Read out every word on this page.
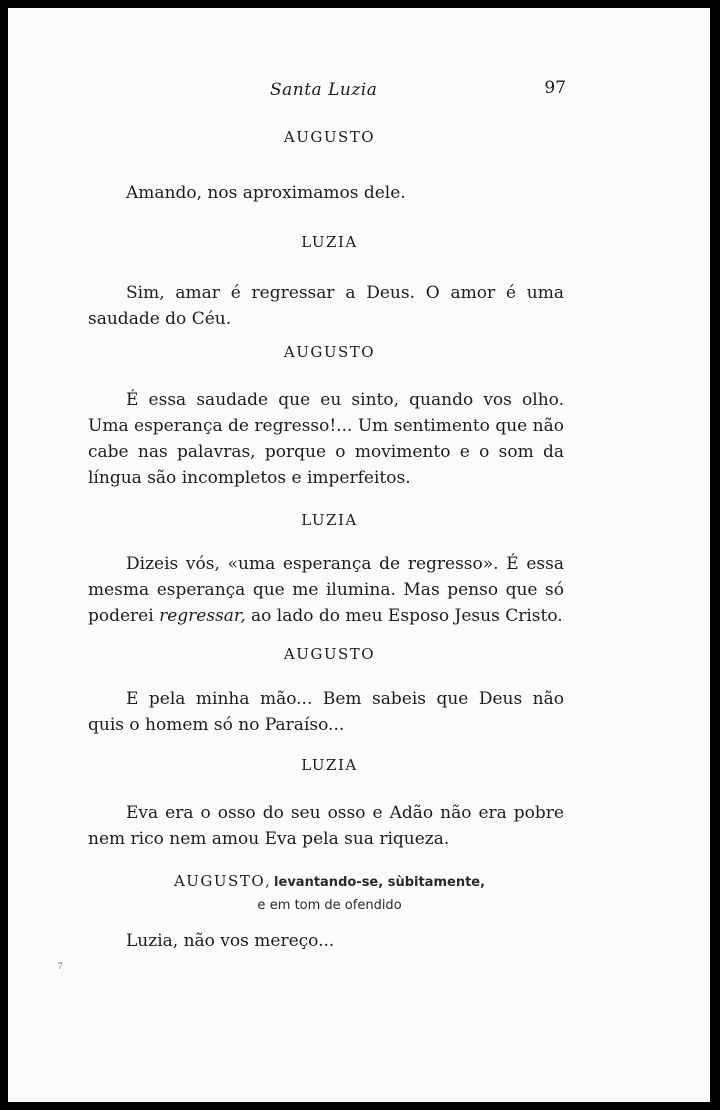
Santa Luzia	97
AUGUSTO

Amando, nos aproximamos dele.

LUZIA

Sim, amar é regressar a Deus. O amor é uma saudade do Céu.

AUGUSTO

É essa saudade que eu sinto, quando vos olho. Uma esperança de regresso!... Um sentimento que não cabe nas palavras, porque o movimento e o som da língua são incompletos e imperfeitos.

LUZIA

Dizeis vós, «uma esperança de regresso». É essa mesma esperança que me ilumina. Mas penso que só poderei regressar, ao lado do meu Esposo Jesus Cristo.

AUGUSTO

E pela minha mão... Bem sabeis que Deus não quis o homem só no Paraíso...

LUZIA

Eva era o osso do seu osso e Adão não era pobre nem rico nem amou Eva pela sua riqueza.

AUGUSTO, levantando-se, sùbitamente,
e em tom de ofendido

Luzia, não vos mereço...

7
